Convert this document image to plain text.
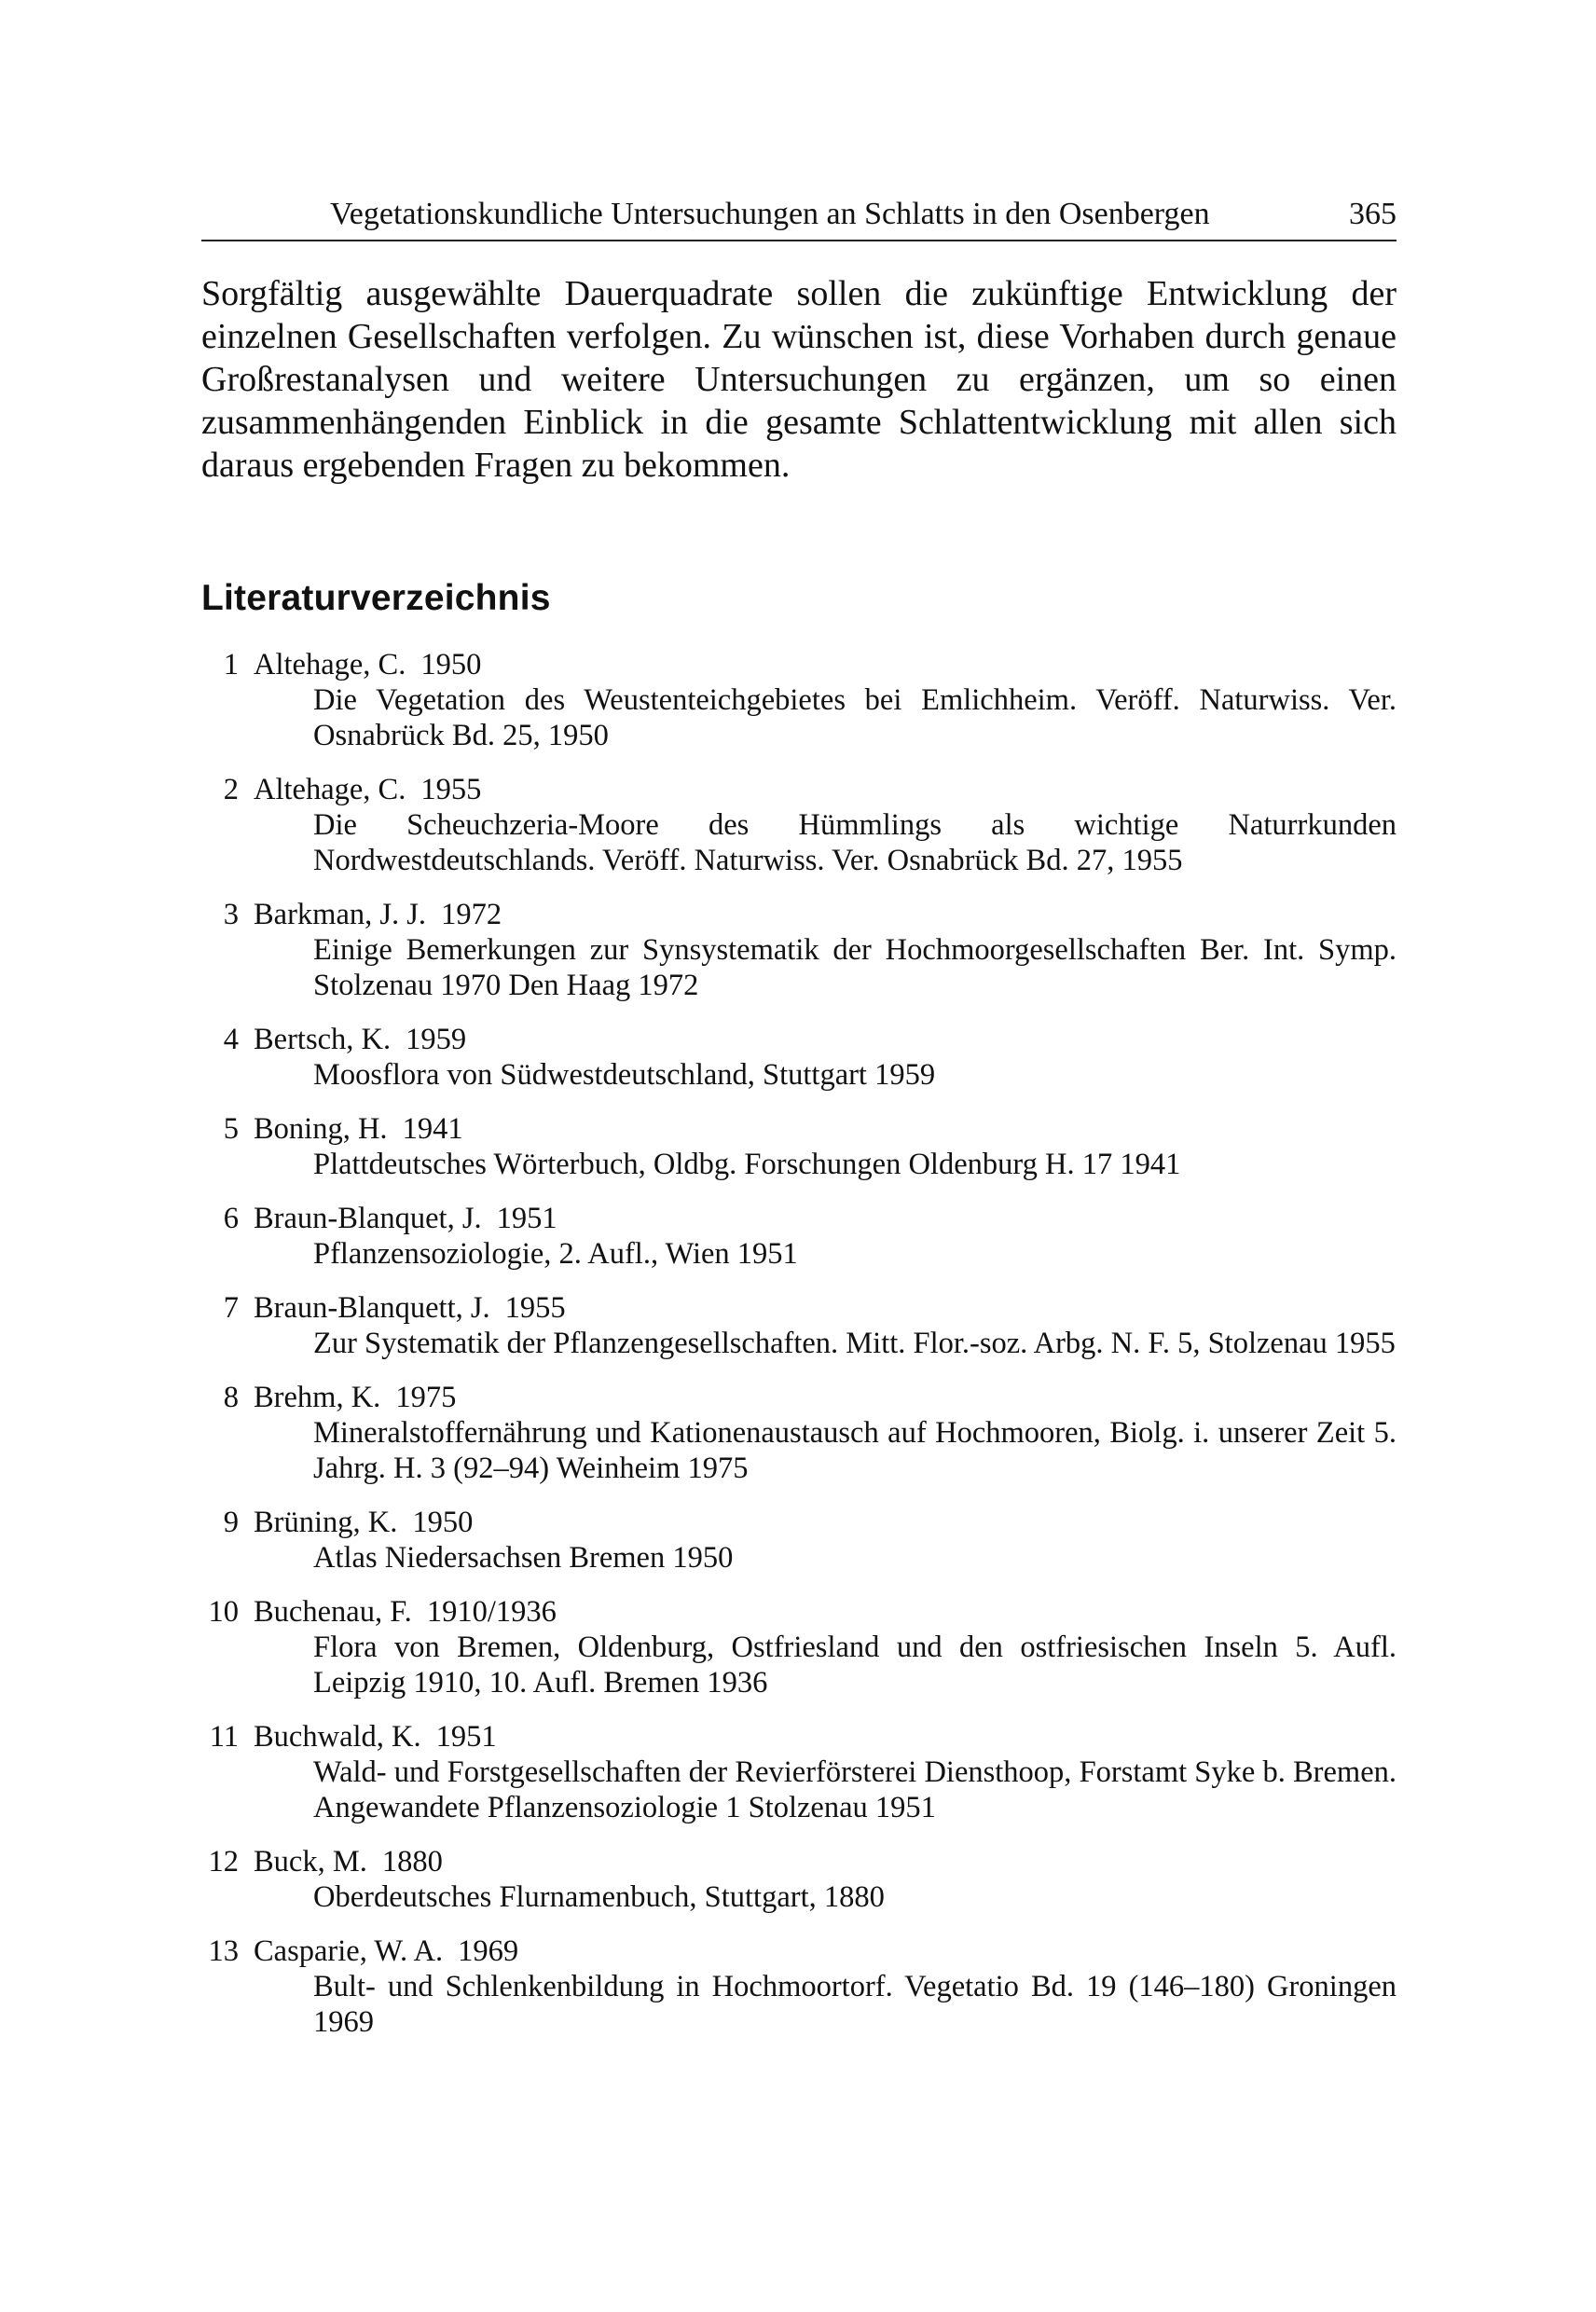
Vegetationskundliche Untersuchungen an Schlatts in den Osenbergen	365

Sorgfältig ausgewählte Dauerquadrate sollen die zukünftige Entwicklung der einzelnen Gesellschaften verfolgen. Zu wünschen ist, diese Vorhaben durch genaue Großrestanalysen und weitere Untersuchungen zu ergänzen, um so einen zusammenhängenden Einblick in die gesamte Schlattentwicklung mit allen sich daraus ergebenden Fragen zu bekommen.

Literaturverzeichnis
1 Altehage, C. 1950
Die Vegetation des Weustenteichgebietes bei Emlichheim. Veröff. Naturwiss. Ver. Osnabrück Bd. 25, 1950
2 Altehage, C. 1955
Die Scheuchzeria-Moore des Hümmlings als wichtige Naturrkunden Nordwestdeutschlands. Veröff. Naturwiss. Ver. Osnabrück Bd. 27, 1955
3 Barkman, J. J. 1972
Einige Bemerkungen zur Synsystematik der Hochmoorgesellschaften Ber. Int. Symp. Stolzenau 1970 Den Haag 1972
4 Bertsch, K. 1959
Moosflora von Südwestdeutschland, Stuttgart 1959
5 Boning, H. 1941
Plattdeutsches Wörterbuch, Oldbg. Forschungen Oldenburg H. 17 1941
6 Braun-Blanquet, J. 1951
Pflanzensoziologie, 2. Aufl., Wien 1951
7 Braun-Blanquett, J. 1955
Zur Systematik der Pflanzengesellschaften. Mitt. Flor.-soz. Arbg. N. F. 5, Stolzenau 1955
8 Brehm, K. 1975
Mineralstoffernährung und Kationenaustausch auf Hochmooren, Biolg. i. unserer Zeit 5. Jahrg. H. 3 (92–94) Weinheim 1975
9 Brüning, K. 1950
Atlas Niedersachsen Bremen 1950
10 Buchenau, F. 1910/1936
Flora von Bremen, Oldenburg, Ostfriesland und den ostfriesischen Inseln 5. Aufl. Leipzig 1910, 10. Aufl. Bremen 1936
11 Buchwald, K. 1951
Wald- und Forstgesellschaften der Revierförsterei Diensthoop, Forstamt Syke b. Bremen. Angewandete Pflanzensoziologie 1 Stolzenau 1951
12 Buck, M. 1880
Oberdeutsches Flurnamenbuch, Stuttgart, 1880
13 Casparie, W. A. 1969
Bult- und Schlenkenbildung in Hochmoortorf. Vegetatio Bd. 19 (146–180) Groningen 1969
